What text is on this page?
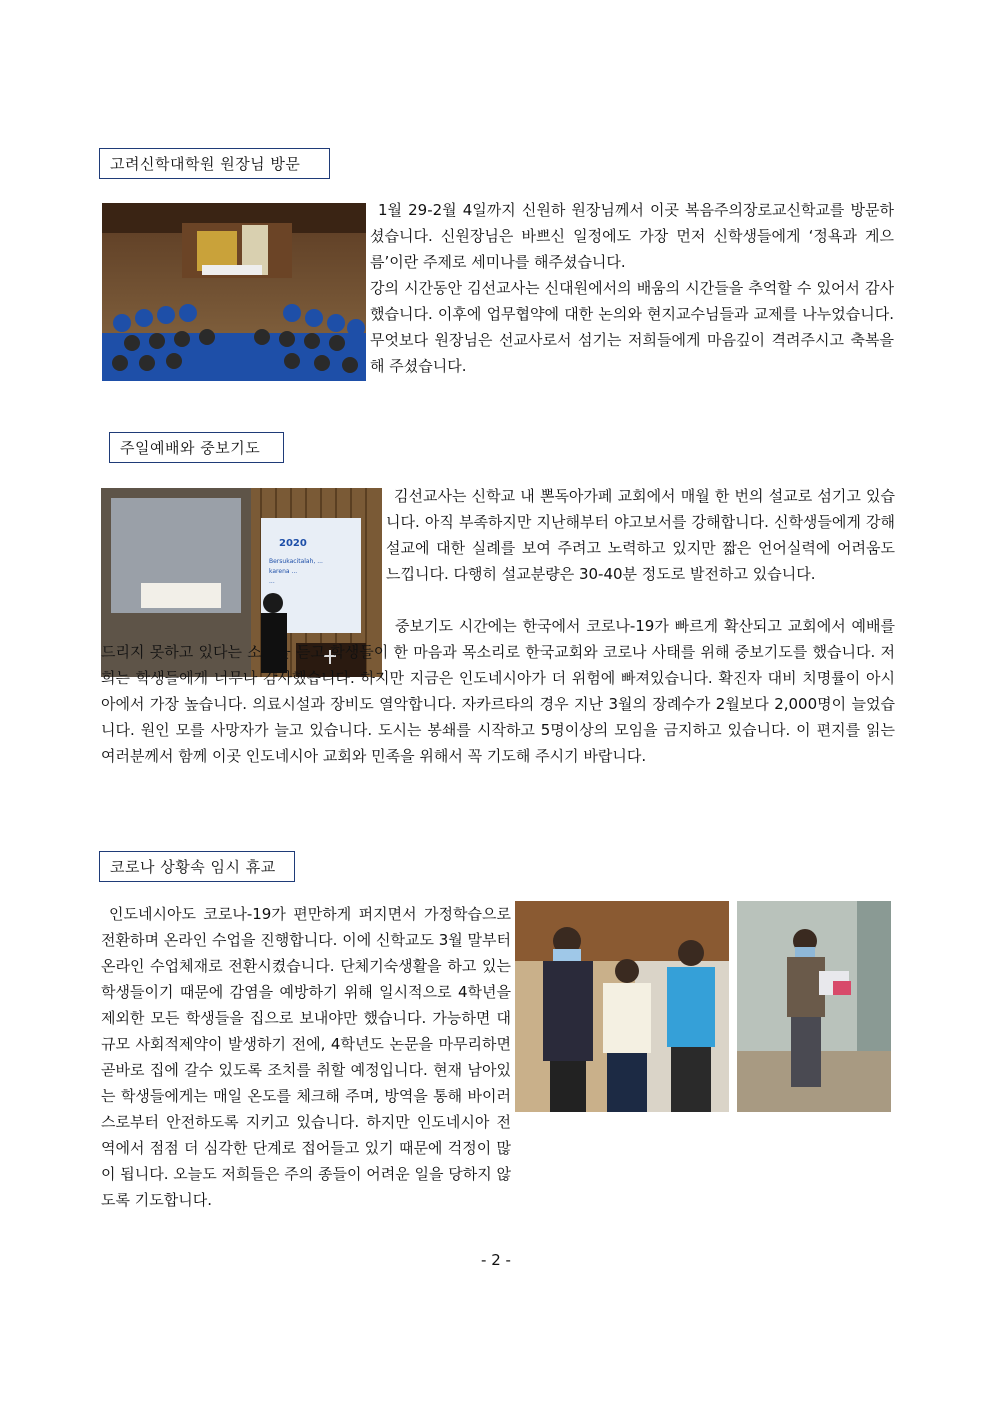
고려신학대학원 원장님 방문

1월 29-2월 4일까지 신원하 원장님께서 이곳 복음주의장로교신학교를 방문하셨습니다. 신원장님은 바쁘신 일정에도 가장 먼저 신학생들에게 ‘정욕과 게으름’이란 주제로 세미나를 해주셨습니다.

강의 시간동안 김선교사는 신대원에서의 배움의 시간들을 추억할 수 있어서 감사했습니다. 이후에 업무협약에 대한 논의와 현지교수님들과 교제를 나누었습니다. 무엇보다 원장님은 선교사로서 섬기는 저희들에게 마음깊이 격려주시고 축복을 해 주셨습니다.

주일예배와 중보기도
2020
Bersukacitalah, ...
karena ...
...

김선교사는 신학교 내 뽄독아가페 교회에서 매월 한 번의 설교로 섬기고 있습니다. 아직 부족하지만 지난해부터 야고보서를 강해합니다. 신학생들에게 강해설교에 대한 실례를 보여 주려고 노력하고 있지만 짧은 언어실력에 어려움도 느낍니다. 다행히 설교분량은 30-40분 정도로 발전하고 있습니다.

중보기도 시간에는 한국에서 코로나-19가 빠르게 확산되고 교회에서 예배를 드리지 못하고 있다는 소식을 듣고 학생들이 한 마음과 목소리로 한국교회와 코로나 사태를 위해 중보기도를 했습니다. 저희는 학생들에게 너무나 감사했습니다. 하지만 지금은 인도네시아가 더 위험에 빠져있습니다. 확진자 대비 치명률이 아시아에서 가장 높습니다. 의료시설과 장비도 열악합니다. 자카르타의 경우 지난 3월의 장례수가 2월보다 2,000명이 늘었습니다. 원인 모를 사망자가 늘고 있습니다. 도시는 봉쇄를 시작하고 5명이상의 모임을 금지하고 있습니다. 이 편지를 읽는 여러분께서 함께 이곳 인도네시아 교회와 민족을 위해서 꼭 기도해 주시기 바랍니다.

코로나 상황속 임시 휴교

인도네시아도 코로나-19가 편만하게 퍼지면서 가정학습으로 전환하며 온라인 수업을 진행합니다. 이에 신학교도 3월 말부터 온라인 수업체재로 전환시켰습니다. 단체기숙생활을 하고 있는 학생들이기 때문에 감염을 예방하기 위해 일시적으로 4학년을 제외한 모든 학생들을 집으로 보내야만 했습니다. 가능하면 대규모 사회적제약이 발생하기 전에, 4학년도 논문을 마무리하면 곧바로 집에 갈수 있도록 조치를 취할 예정입니다. 현재 남아있는 학생들에게는 매일 온도를 체크해 주며, 방역을 통해 바이러스로부터 안전하도록 지키고 있습니다. 하지만 인도네시아 전역에서 점점 더 심각한 단계로 접어들고 있기 때문에 걱정이 많이 됩니다. 오늘도 저희들은 주의 종들이 어려운 일을 당하지 않도록 기도합니다.

- 2 -
